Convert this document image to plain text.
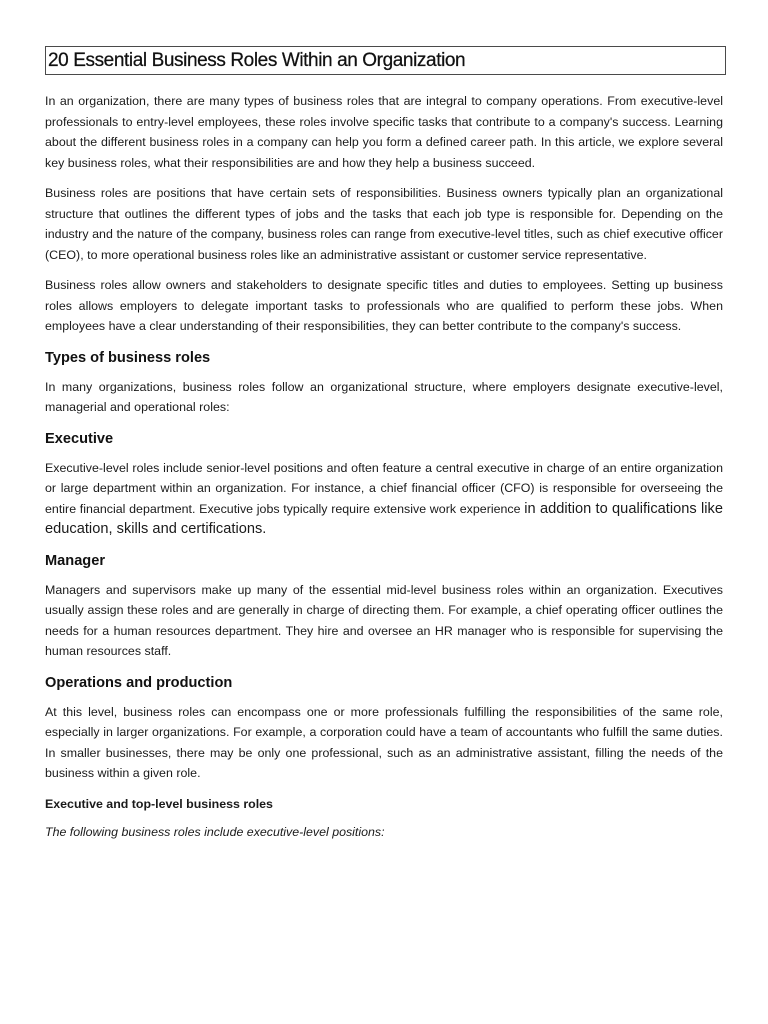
20 Essential Business Roles Within an Organization

In an organization, there are many types of business roles that are integral to company operations. From executive-level professionals to entry-level employees, these roles involve specific tasks that contribute to a company's success. Learning about the different business roles in a company can help you form a defined career path. In this article, we explore several key business roles, what their responsibilities are and how they help a business succeed.

Business roles are positions that have certain sets of responsibilities. Business owners typically plan an organizational structure that outlines the different types of jobs and the tasks that each job type is responsible for. Depending on the industry and the nature of the company, business roles can range from executive-level titles, such as chief executive officer (CEO), to more operational business roles like an administrative assistant or customer service representative.

Business roles allow owners and stakeholders to designate specific titles and duties to employees. Setting up business roles allows employers to delegate important tasks to professionals who are qualified to perform these jobs. When employees have a clear understanding of their responsibilities, they can better contribute to the company's success.

Types of business roles

In many organizations, business roles follow an organizational structure, where employers designate executive-level, managerial and operational roles:

Executive

Executive-level roles include senior-level positions and often feature a central executive in charge of an entire organization or large department within an organization. For instance, a chief financial officer (CFO) is responsible for overseeing the entire financial department. Executive jobs typically require extensive work experience in addition to qualifications like education, skills and certifications.

Manager

Managers and supervisors make up many of the essential mid-level business roles within an organization. Executives usually assign these roles and are generally in charge of directing them. For example, a chief operating officer outlines the needs for a human resources department. They hire and oversee an HR manager who is responsible for supervising the human resources staff.

Operations and production

At this level, business roles can encompass one or more professionals fulfilling the responsibilities of the same role, especially in larger organizations. For example, a corporation could have a team of accountants who fulfill the same duties. In smaller businesses, there may be only one professional, such as an administrative assistant, filling the needs of the business within a given role.

Executive and top-level business roles

The following business roles include executive-level positions:
